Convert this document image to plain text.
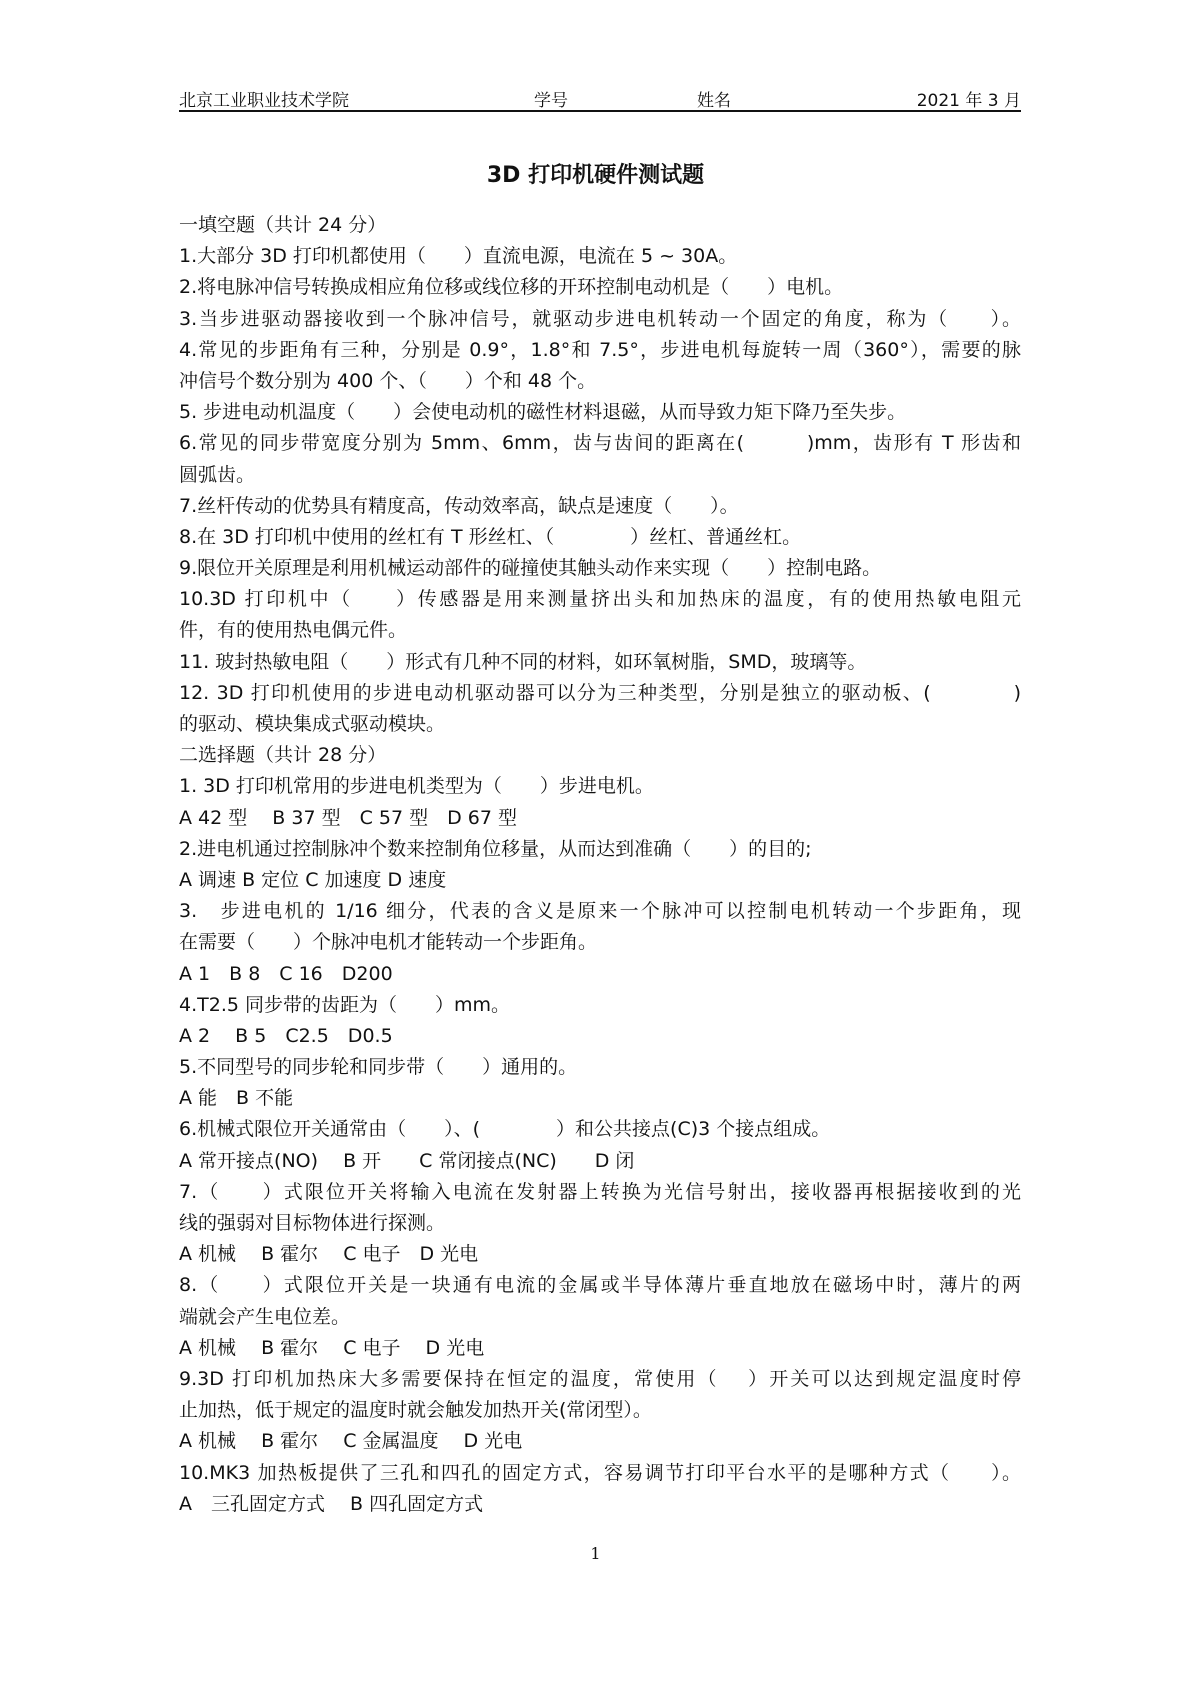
北京工业职业技术学院	学号	姓名	2021 年 3 月
3D 打印机硬件测试题
一填空题（共计 24 分）
1.大部分 3D 打印机都使用（　　）直流电源，电流在 5 ~ 30A。
2.将电脉冲信号转换成相应角位移或线位移的开环控制电动机是（　　）电机。
3.当步进驱动器接收到一个脉冲信号，就驱动步进电机转动一个固定的角度，称为（　　）。
4.常见的步距角有三种，分别是 0.9°，1.8°和 7.5°，步进电机每旋转一周（360°），需要的脉
冲信号个数分别为 400 个、（　　）个和 48 个。
5. 步进电动机温度（　　）会使电动机的磁性材料退磁，从而导致力矩下降乃至失步。
6.常见的同步带宽度分别为 5mm、6mm，齿与齿间的距离在(　　　)mm，齿形有 T 形齿和
圆弧齿。
7.丝杆传动的优势具有精度高，传动效率高，缺点是速度（　　）。
8.在 3D 打印机中使用的丝杠有 T 形丝杠、（　　　　）丝杠、普通丝杠。
9.限位开关原理是利用机械运动部件的碰撞使其触头动作来实现（　　）控制电路。
10.3D 打印机中（　　）传感器是用来测量挤出头和加热床的温度，有的使用热敏电阻元
件，有的使用热电偶元件。
11. 玻封热敏电阻（　　）形式有几种不同的材料，如环氧树脂，SMD，玻璃等。
12. 3D 打印机使用的步进电动机驱动器可以分为三种类型，分别是独立的驱动板、(　　　　)
的驱动、模块集成式驱动模块。
二选择题（共计 28 分）
1. 3D 打印机常用的步进电机类型为（　　）步进电机。
A 42 型　 B 37 型　C 57 型　D 67 型
2.进电机通过控制脉冲个数来控制角位移量，从而达到准确（　　）的目的;
A 调速 B 定位 C 加速度 D 速度
3.　步进电机的 1/16 细分，代表的含义是原来一个脉冲可以控制电机转动一个步距角，现
在需要（　　）个脉冲电机才能转动一个步距角。
A 1　B 8　C 16　D200
4.T2.5 同步带的齿距为（　　）mm。
A 2　 B 5　C2.5　D0.5
5.不同型号的同步轮和同步带（　　）通用的。
A 能　B 不能
6.机械式限位开关通常由（　　）、(　　　　）和公共接点(C)3 个接点组成。
A 常开接点(NO)　 B 开　　C 常闭接点(NC)　　D 闭
7.（　　）式限位开关将输入电流在发射器上转换为光信号射出，接收器再根据接收到的光
线的强弱对目标物体进行探测。
A 机械　 B 霍尔　 C 电子　D 光电
8.（　　）式限位开关是一块通有电流的金属或半导体薄片垂直地放在磁场中时，薄片的两
端就会产生电位差。
A 机械　 B 霍尔　 C 电子　 D 光电
9.3D 打印机加热床大多需要保持在恒定的温度，常使用（　 ）开关可以达到规定温度时停
止加热，低于规定的温度时就会触发加热开关(常闭型）。
A 机械　 B 霍尔　 C 金属温度　 D 光电
10.MK3 加热板提供了三孔和四孔的固定方式，容易调节打印平台水平的是哪种方式（　　）。
A　三孔固定方式　 B 四孔固定方式
1
